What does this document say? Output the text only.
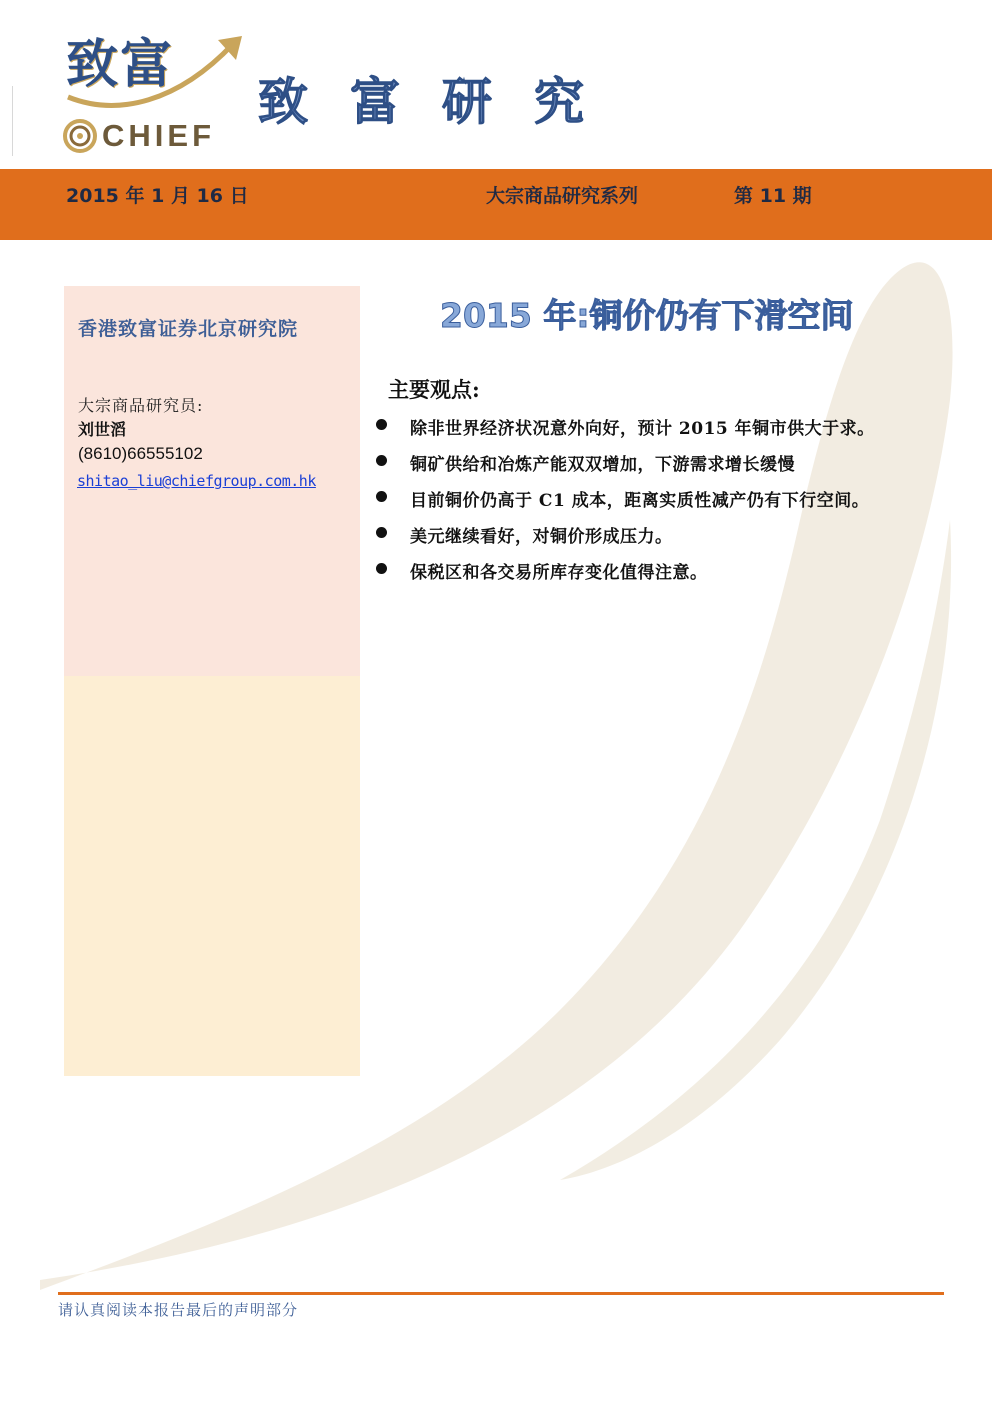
致富
CHIEF
致富研究
2015 年 1 月 16 日	大宗商品研究系列	第 11 期
香港致富证券北京研究院
大宗商品研究员:
刘世滔
(8610)66555102
shitao_liu@chiefgroup.com.hk
2015 年:铜价仍有下滑空间
主要观点:
除非世界经济状况意外向好，预计 2015 年铜市供大于求。
铜矿供给和冶炼产能双双增加，下游需求增长缓慢
目前铜价仍高于 C1 成本，距离实质性减产仍有下行空间。
美元继续看好，对铜价形成压力。
保税区和各交易所库存变化值得注意。
请认真阅读本报告最后的声明部分
